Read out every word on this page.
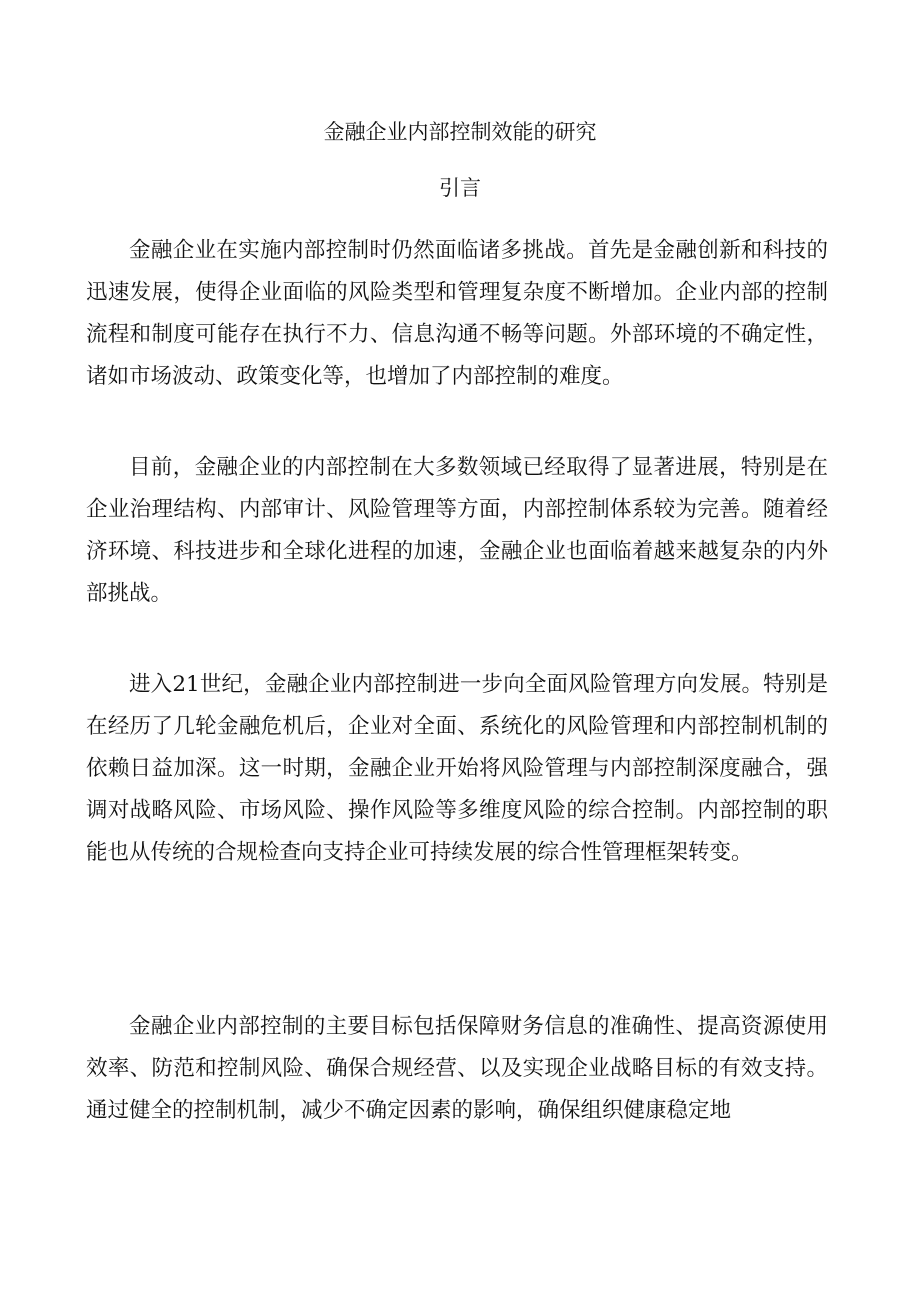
金融企业内部控制效能的研究
引言

金融企业在实施内部控制时仍然面临诸多挑战。首先是金融创新和科技的迅速发展，使得企业面临的风险类型和管理复杂度不断增加。企业内部的控制流程和制度可能存在执行不力、信息沟通不畅等问题。外部环境的不确定性，诸如市场波动、政策变化等，也增加了内部控制的难度。

目前，金融企业的内部控制在大多数领域已经取得了显著进展，特别是在企业治理结构、内部审计、风险管理等方面，内部控制体系较为完善。随着经济环境、科技进步和全球化进程的加速，金融企业也面临着越来越复杂的内外部挑战。

进入21世纪，金融企业内部控制进一步向全面风险管理方向发展。特别是在经历了几轮金融危机后，企业对全面、系统化的风险管理和内部控制机制的依赖日益加深。这一时期，金融企业开始将风险管理与内部控制深度融合，强调对战略风险、市场风险、操作风险等多维度风险的综合控制。内部控制的职能也从传统的合规检查向支持企业可持续发展的综合性管理框架转变。

金融企业内部控制的主要目标包括保障财务信息的准确性、提高资源使用效率、防范和控制风险、确保合规经营、以及实现企业战略目标的有效支持。通过健全的控制机制，减少不确定因素的影响，确保组织健康稳定地
